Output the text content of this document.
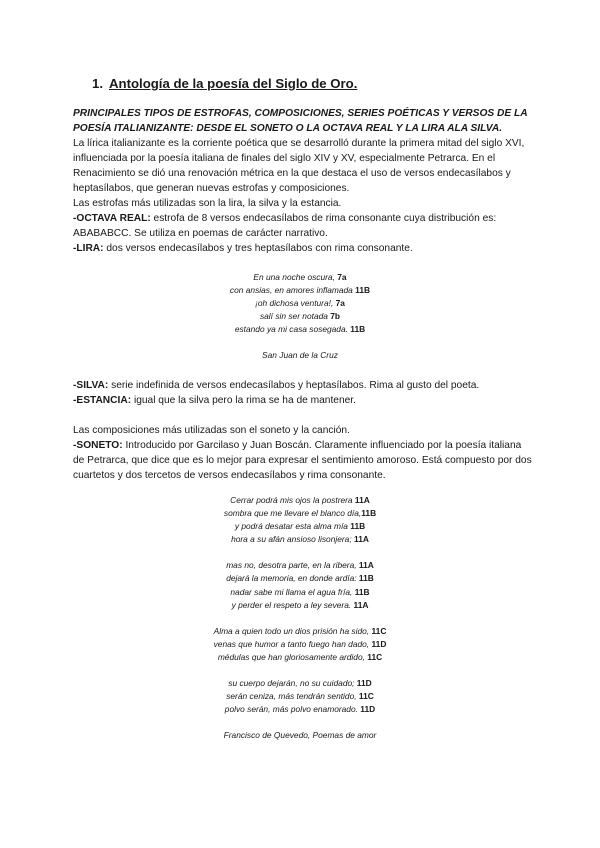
1. Antología de la poesía del Siglo de Oro.
PRINCIPALES TIPOS DE ESTROFAS, COMPOSICIONES, SERIES POÉTICAS Y VERSOS DE LA POESÍA ITALIANIZANTE: DESDE EL SONETO O LA OCTAVA REAL Y LA LIRA ALA SILVA.
La lírica italianizante es la corriente poética que se desarrolló durante la primera mitad del siglo XVI, influenciada por la poesía italiana de finales del siglo XIV y XV, especialmente Petrarca. En el Renacimiento se dió una renovación métrica en la que destaca el uso de versos endecasílabos y heptasílabos, que generan nuevas estrofas y composiciones.
Las estrofas más utilizadas son la lira, la silva y la estancia.
-OCTAVA REAL: estrofa de 8 versos endecasílabos de rima consonante cuya distribución es: ABABABCC. Se utiliza en poemas de carácter narrativo.
-LIRA: dos versos endecasílabos y tres heptasílabos con rima consonante.
En una noche oscura, 7a
con ansias, en amores inflamada 11B
¡oh dichosa ventura!, 7a
salí sin ser notada 7b
estando ya mi casa sosegada. 11B
San Juan de la Cruz
-SILVA: serie indefinida de versos endecasílabos y heptasílabos. Rima al gusto del poeta.
-ESTANCIA: igual que la silva pero la rima se ha de mantener.
Las composiciones más utilizadas son el soneto y la canción.
-SONETO: Introducido por Garcilaso y Juan Boscán. Claramente influenciado por la poesía italiana de Petrarca, que dice que es lo mejor para expresar el sentimiento amoroso. Está compuesto por dos cuartetos y dos tercetos de versos endecasílabos y rima consonante.
Cerrar podrá mis ojos la postrera 11A
sombra que me llevare el blanco día,11B
y podrá desatar esta alma mía 11B
hora a su afán ansioso lisonjera; 11A
mas no, desotra parte, en la ribera, 11A
dejará la memoria, en donde ardía: 11B
nadar sabe mi llama el agua fría, 11B
y perder el respeto a ley severa. 11A
Alma a quien todo un dios prisión ha sido, 11C
venas que humor a tanto fuego han dado, 11D
médulas que han gloriosamente ardido, 11C
su cuerpo dejarán, no su cuidado; 11D
serán ceniza, más tendrán sentido, 11C
polvo serán, más polvo enamorado. 11D
Francisco de Quevedo, Poemas de amor
